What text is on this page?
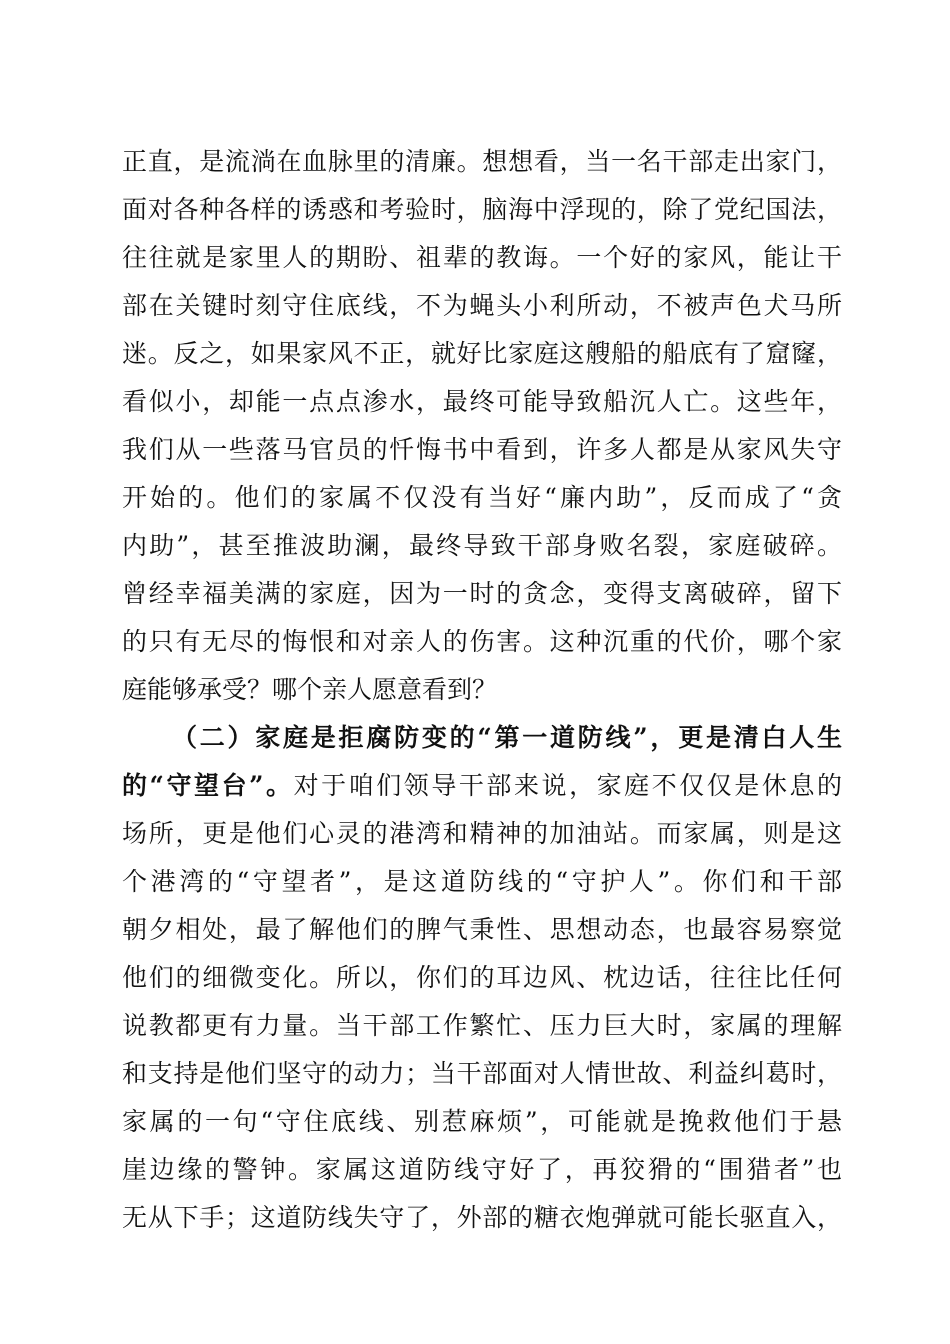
正直，是流淌在血脉里的清廉。想想看，当一名干部走出家门，
面对各种各样的诱惑和考验时，脑海中浮现的，除了党纪国法，
往往就是家里人的期盼、祖辈的教诲。一个好的家风，能让干
部在关键时刻守住底线，不为蝇头小利所动，不被声色犬马所
迷。反之，如果家风不正，就好比家庭这艘船的船底有了窟窿，
看似小，却能一点点渗水，最终可能导致船沉人亡。这些年，
我们从一些落马官员的忏悔书中看到，许多人都是从家风失守
开始的。他们的家属不仅没有当好“廉内助”，反而成了“贪
内助”，甚至推波助澜，最终导致干部身败名裂，家庭破碎。
曾经幸福美满的家庭，因为一时的贪念，变得支离破碎，留下
的只有无尽的悔恨和对亲人的伤害。这种沉重的代价，哪个家
庭能够承受？哪个亲人愿意看到？
（二）家庭是拒腐防变的“第一道防线”，更是清白人生
的“守望台”。对于咱们领导干部来说，家庭不仅仅是休息的
场所，更是他们心灵的港湾和精神的加油站。而家属，则是这
个港湾的“守望者”，是这道防线的“守护人”。你们和干部
朝夕相处，最了解他们的脾气秉性、思想动态，也最容易察觉
他们的细微变化。所以，你们的耳边风、枕边话，往往比任何
说教都更有力量。当干部工作繁忙、压力巨大时，家属的理解
和支持是他们坚守的动力；当干部面对人情世故、利益纠葛时，
家属的一句“守住底线、别惹麻烦”，可能就是挽救他们于悬
崖边缘的警钟。家属这道防线守好了，再狡猾的“围猎者”也
无从下手；这道防线失守了，外部的糖衣炮弹就可能长驱直入，
